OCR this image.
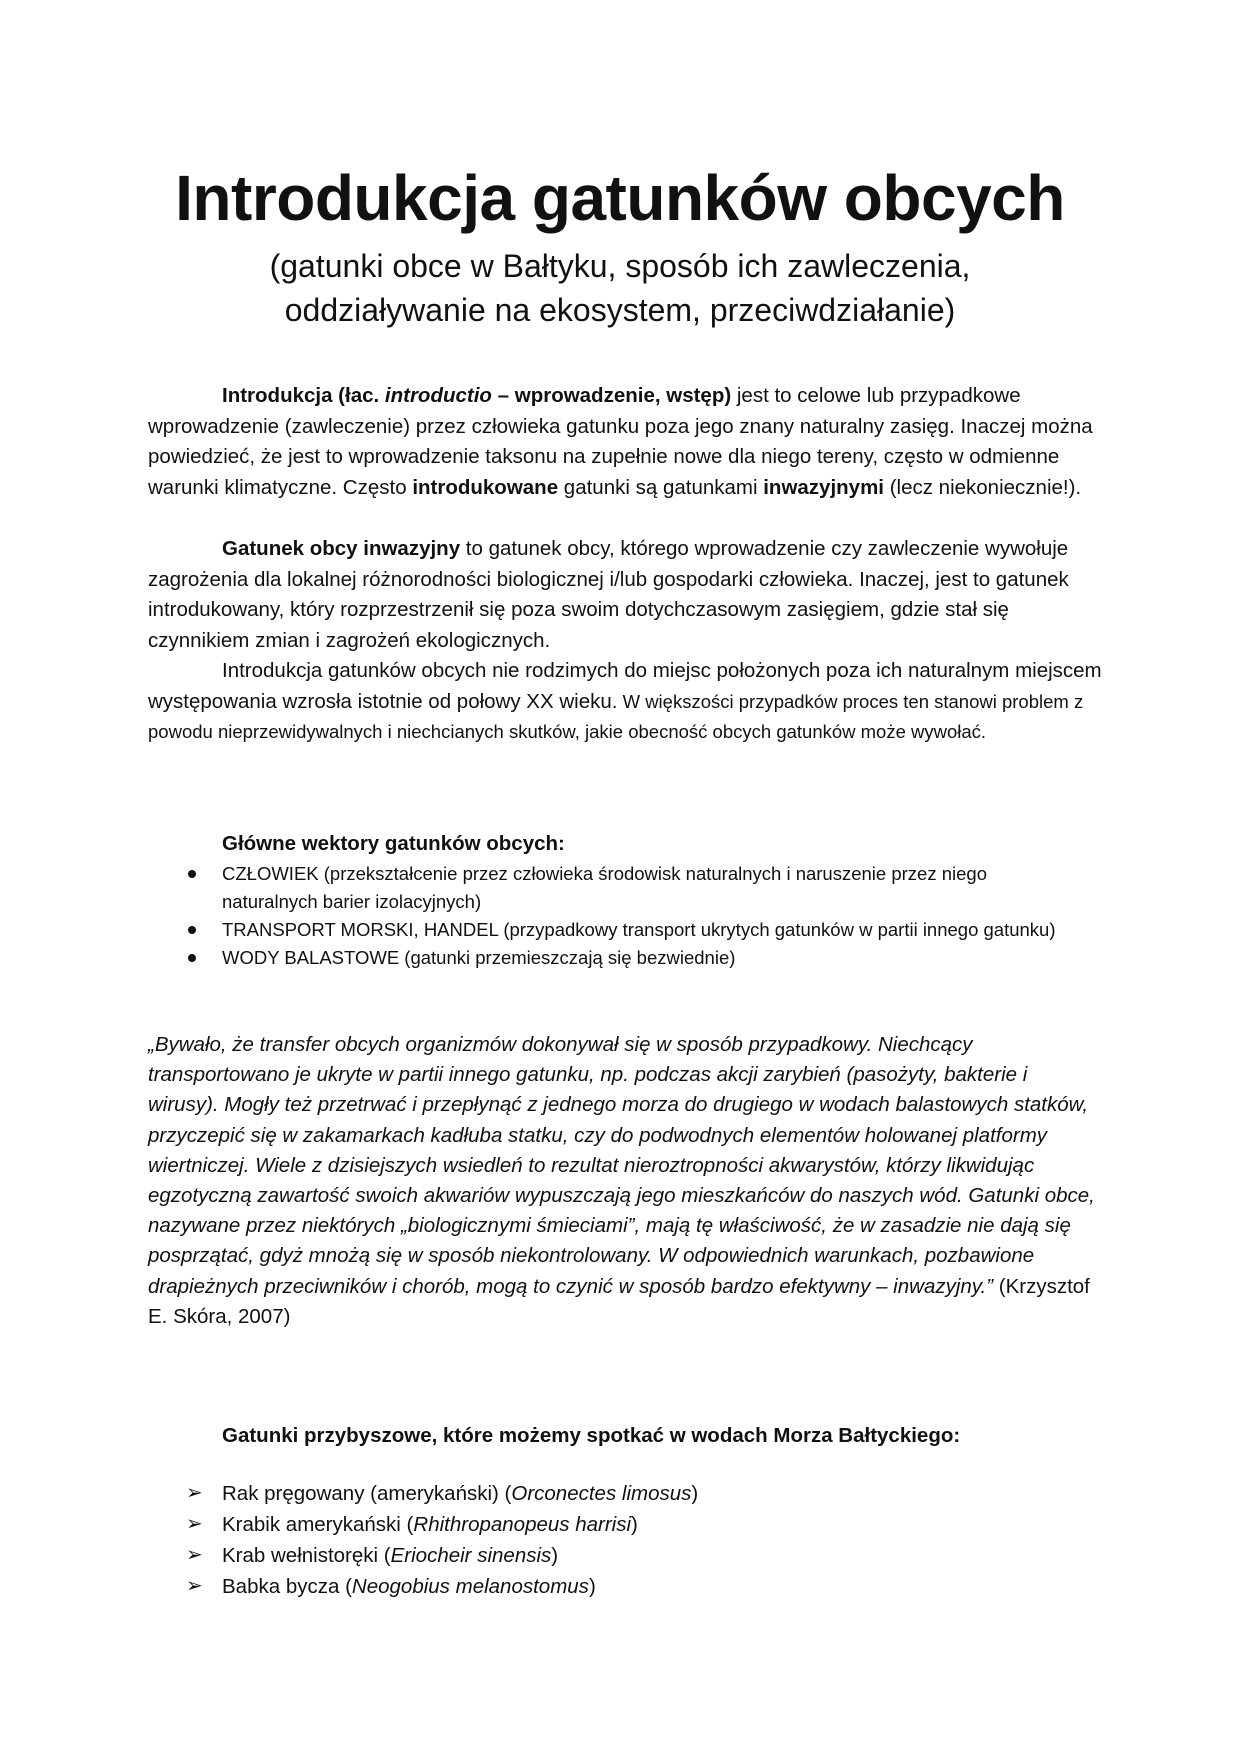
Introdukcja gatunków obcych
(gatunki obce w Bałtyku, sposób ich zawleczenia,
oddziaływanie na ekosystem, przeciwdziałanie)

Introdukcja (łac. introductio – wprowadzenie, wstęp) jest to celowe lub przypadkowe wprowadzenie (zawleczenie) przez człowieka gatunku poza jego znany naturalny zasięg. Inaczej można powiedzieć, że jest to wprowadzenie taksonu na zupełnie nowe dla niego tereny, często w odmienne warunki klimatyczne. Często introdukowane gatunki są gatunkami inwazyjnymi (lecz niekoniecznie!).

Gatunek obcy inwazyjny to gatunek obcy, którego wprowadzenie czy zawleczenie wywołuje zagrożenia dla lokalnej różnorodności biologicznej i/lub gospodarki człowieka. Inaczej, jest to gatunek introdukowany, który rozprzestrzenił się poza swoim dotychczasowym zasięgiem, gdzie stał się czynnikiem zmian i zagrożeń ekologicznych.

Introdukcja gatunków obcych nie rodzimych do miejsc położonych poza ich naturalnym miejscem występowania wzrosła istotnie od połowy XX wieku. W większości przypadków proces ten stanowi problem z powodu nieprzewidywalnych i niechcianych skutków, jakie obecność obcych gatunków może wywołać.

Główne wektory gatunków obcych:
CZŁOWIEK (przekształcenie przez człowieka środowisk naturalnych i naruszenie przez niego naturalnych barier izolacyjnych)
TRANSPORT MORSKI, HANDEL (przypadkowy transport ukrytych gatunków w partii innego gatunku)
WODY BALASTOWE (gatunki przemieszczają się bezwiednie)

„Bywało, że transfer obcych organizmów dokonywał się w sposób przypadkowy. Niechcący transportowano je ukryte w partii innego gatunku, np. podczas akcji zarybień (pasożyty, bakterie i wirusy). Mogły też przetrwać i przepłynąć z jednego morza do drugiego w wodach balastowych statków, przyczepić się w zakamarkach kadłuba statku, czy do podwodnych elementów holowanej platformy wiertniczej. Wiele z dzisiejszych wsiedleń to rezultat nieroztropności akwarystów, którzy likwidując egzotyczną zawartość swoich akwariów wypuszczają jego mieszkańców do naszych wód. Gatunki obce, nazywane przez niektórych „biologicznymi śmieciami”, mają tę właściwość, że w zasadzie nie dają się posprzątać, gdyż mnożą się w sposób niekontrolowany. W odpowiednich warunkach, pozbawione drapieżnych przeciwników i chorób, mogą to czynić w sposób bardzo efektywny – inwazyjny.” (Krzysztof E. Skóra, 2007)

Gatunki przybyszowe, które możemy spotkać w wodach Morza Bałtyckiego:
➢ Rak pręgowany (amerykański) (Orconectes limosus)
➢ Krabik amerykański (Rhithropanopeus harrisi)
➢ Krab wełnistoręki (Eriocheir sinensis)
➢ Babka bycza (Neogobius melanostomus)
